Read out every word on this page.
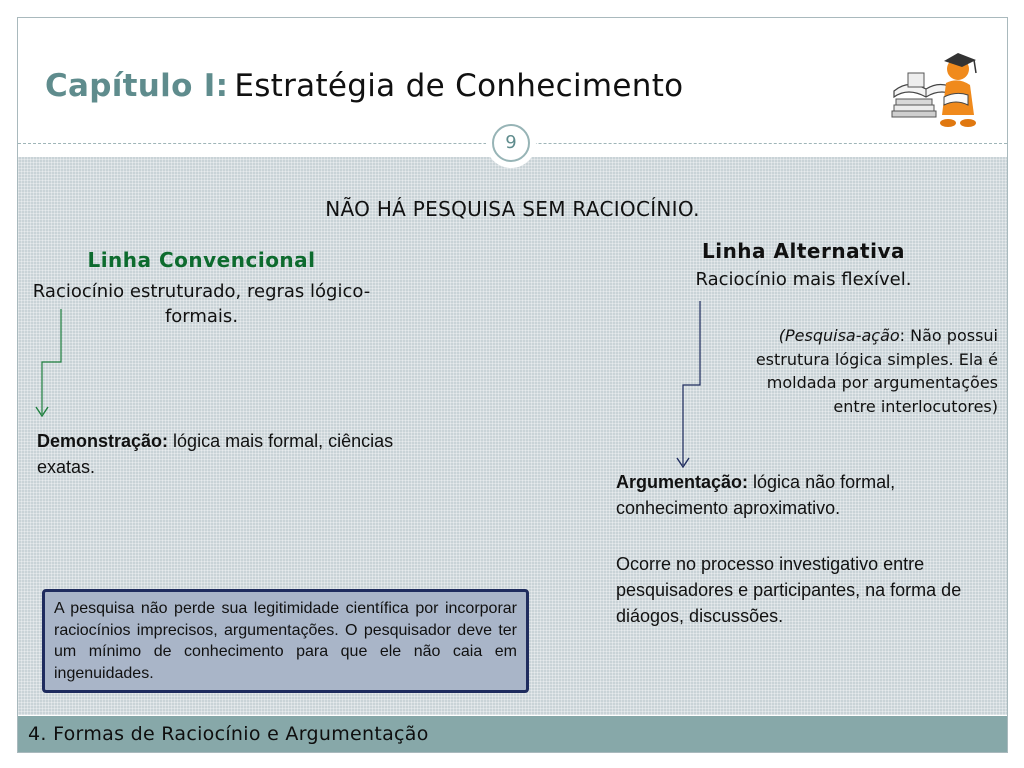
Capítulo I: Estratégia de Conhecimento
9
NÃO HÁ PESQUISA SEM RACIOCÍNIO.
Linha Convencional
Raciocínio estruturado, regras lógico-formais.
Linha Alternativa
Raciocínio mais flexível.
(Pesquisa-ação: Não possui estrutura lógica simples. Ela é moldada por argumentações entre interlocutores)
Demonstração: lógica mais formal, ciências exatas.
Argumentação: lógica não formal, conhecimento aproximativo.
Ocorre no processo investigativo entre pesquisadores e participantes, na forma de diáogos, discussões.
A pesquisa não perde sua legitimidade científica por incorporar raciocínios imprecisos, argumentações. O pesquisador deve ter um mínimo de conhecimento para que ele não caia em ingenuidades.
4. Formas de Raciocínio e Argumentação
